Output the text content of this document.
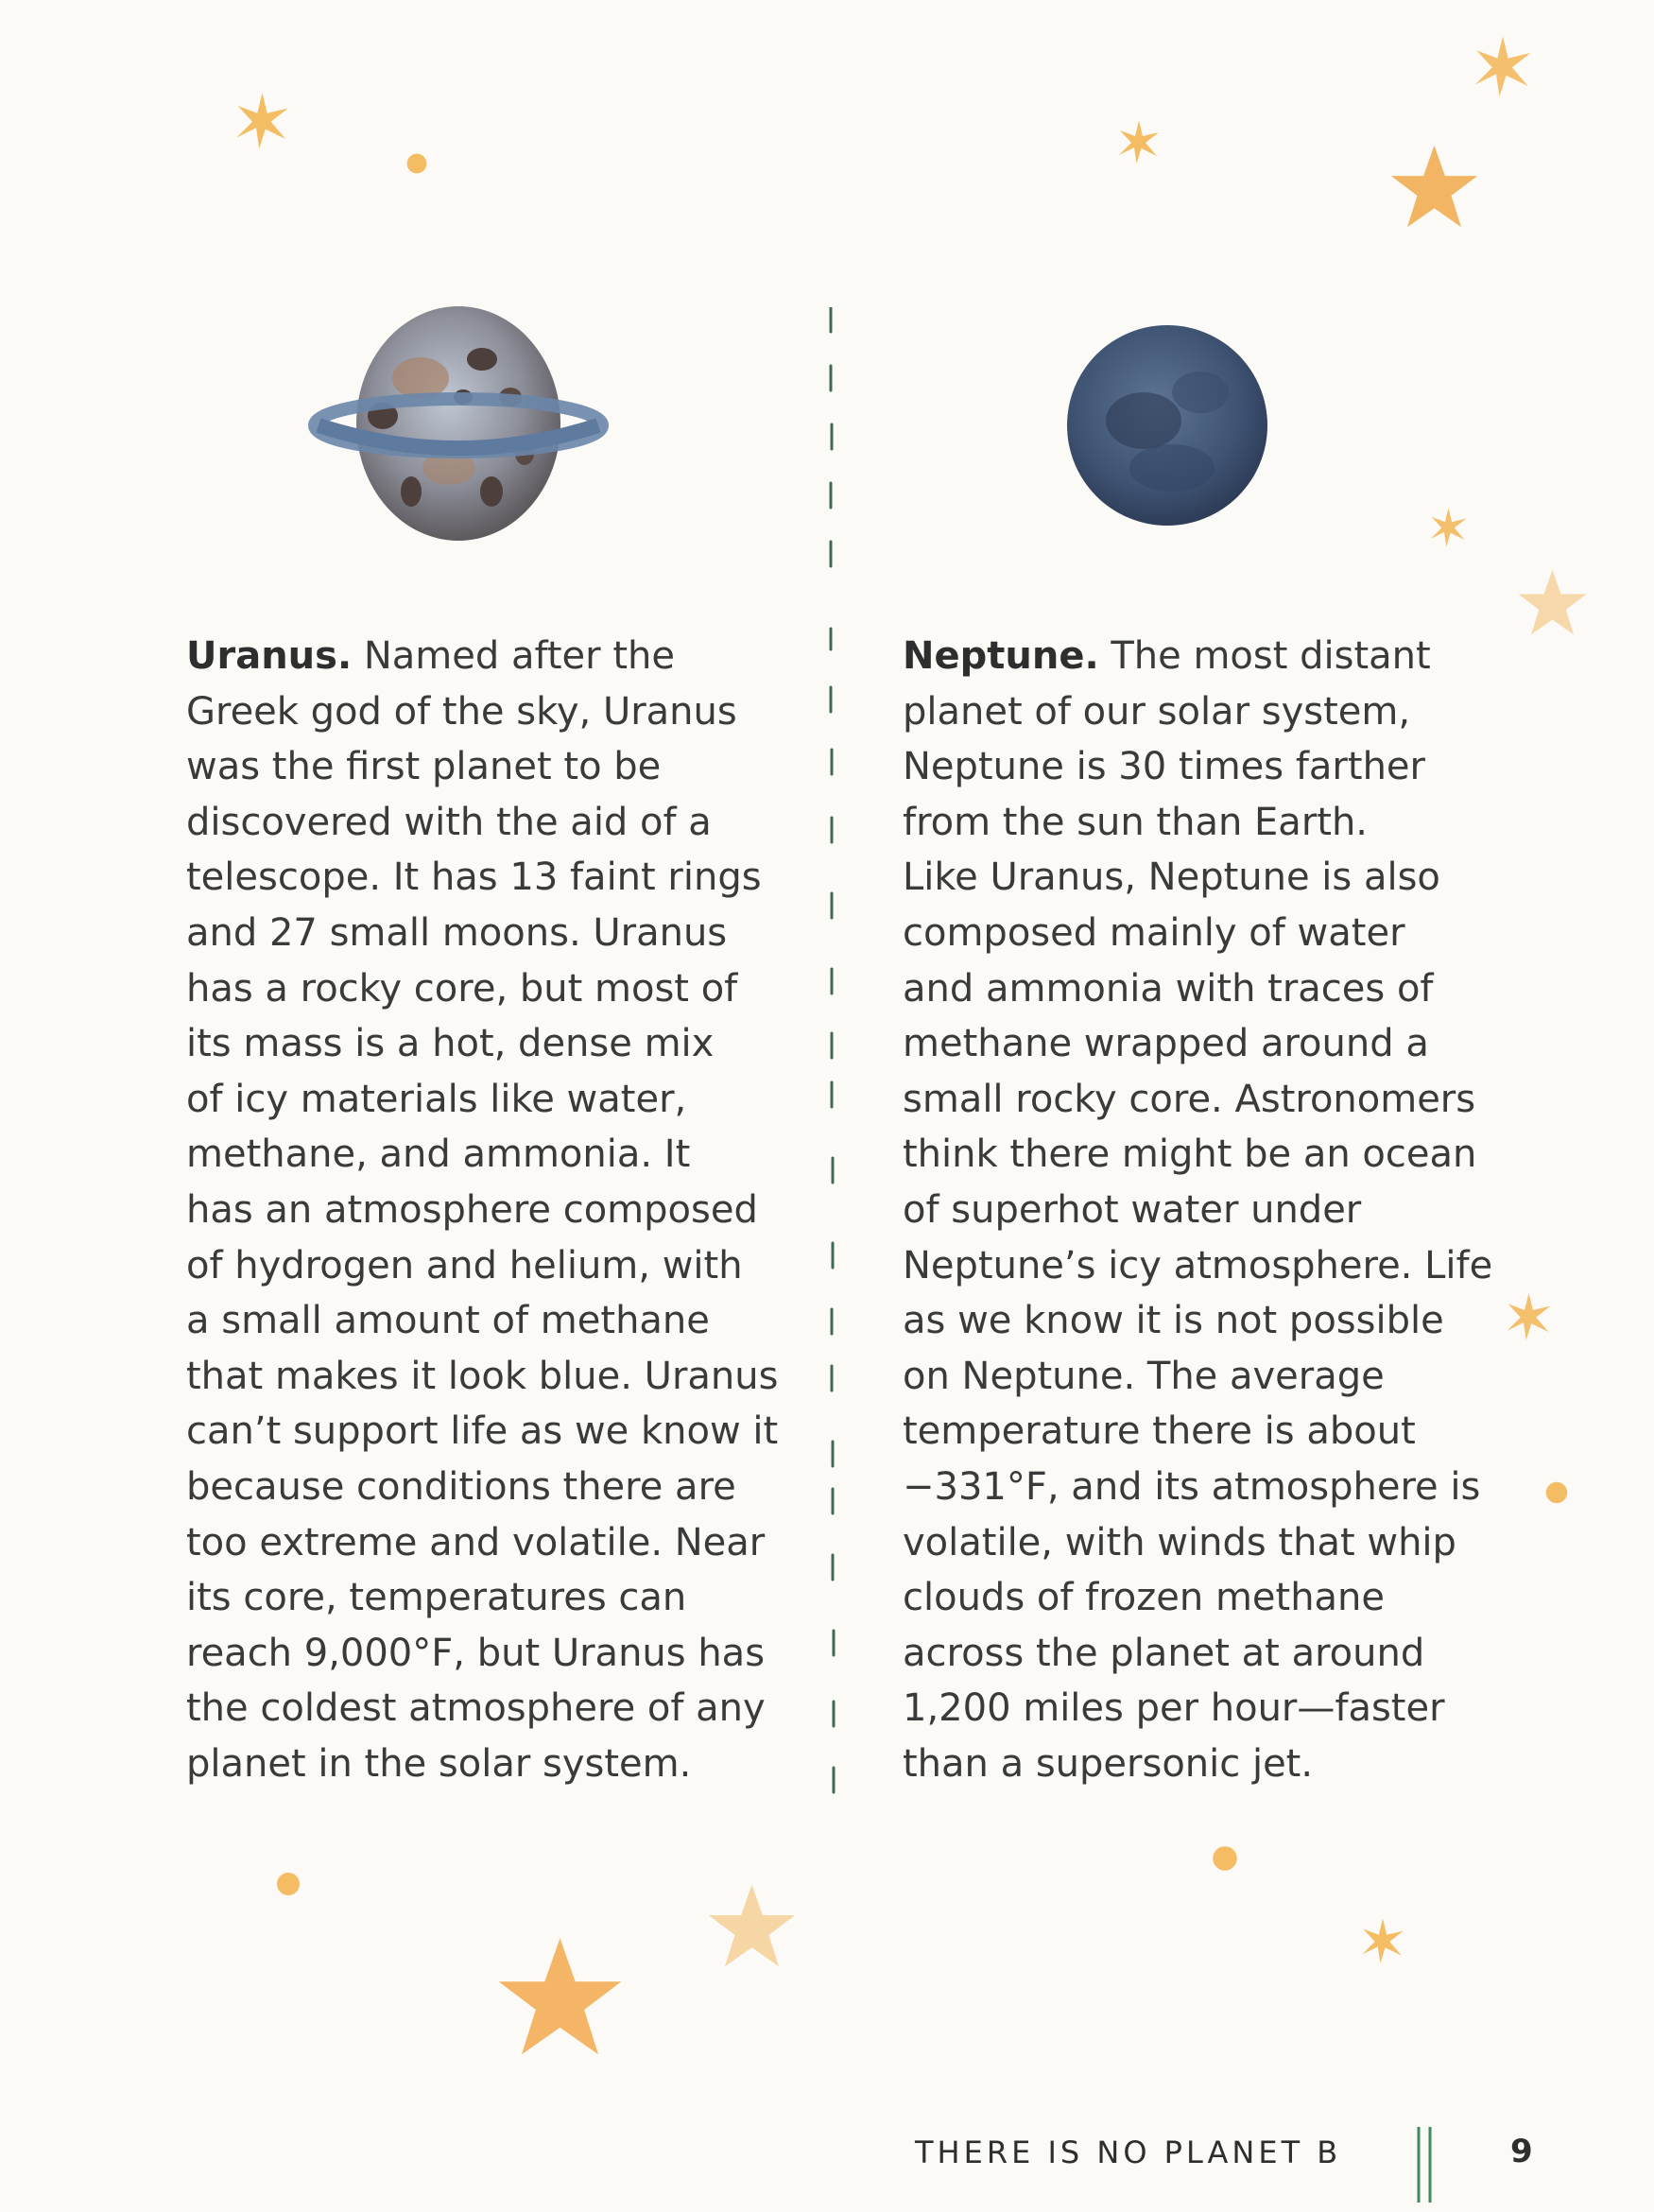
Uranus. Named after the
Greek god of the sky, Uranus
was the first planet to be
discovered with the aid of a
telescope. It has 13 faint rings
and 27 small moons. Uranus
has a rocky core, but most of
its mass is a hot, dense mix
of icy materials like water,
methane, and ammonia. It
has an atmosphere composed
of hydrogen and helium, with
a small amount of methane
that makes it look blue. Uranus
can’t support life as we know it
because conditions there are
too extreme and volatile. Near
its core, temperatures can
reach 9,000°F, but Uranus has
the coldest atmosphere of any
planet in the solar system.
Neptune. The most distant
planet of our solar system,
Neptune is 30 times farther
from the sun than Earth.
Like Uranus, Neptune is also
composed mainly of water
and ammonia with traces of
methane wrapped around a
small rocky core. Astronomers
think there might be an ocean
of superhot water under
Neptune’s icy atmosphere. Life
as we know it is not possible
on Neptune. The average
temperature there is about
−331°F, and its atmosphere is
volatile, with winds that whip
clouds of frozen methane
across the planet at around
1,200 miles per hour—faster
than a supersonic jet.
THERE IS NO PLANET B	9
